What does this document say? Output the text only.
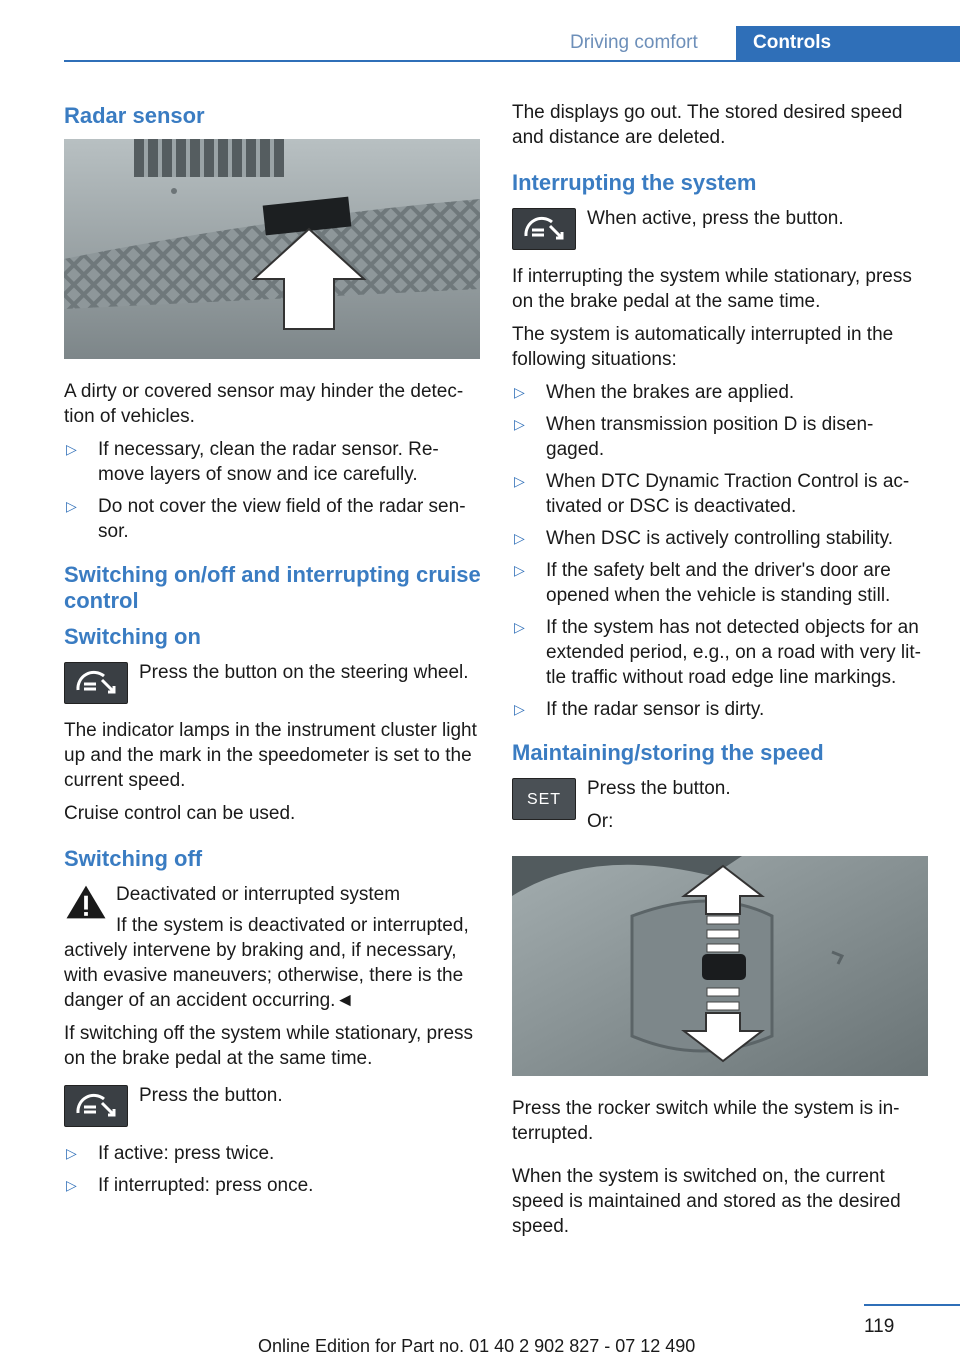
Driving comfort	Controls
Radar sensor

A dirty or covered sensor may hinder the detec-tion of vehicles.

▷ If necessary, clean the radar sensor. Re-move layers of snow and ice carefully.
▷ Do not cover the view field of the radar sen-sor.
Switching on/off and interrupting cruise control
Switching on
Press the button on the steering wheel.

The indicator lamps in the instrument cluster light up and the mark in the speedometer is set to the current speed.

Cruise control can be used.

Switching off
Deactivated or interrupted system
If the system is deactivated or interrupted, actively intervene by braking and, if necessary, with evasive maneuvers; otherwise, there is the danger of an accident occurring.◄

If switching off the system while stationary, press on the brake pedal at the same time.

Press the button.
▷ If active: press twice.
▷ If interrupted: press once.

The displays go out. The stored desired speed and distance are deleted.

Interrupting the system
When active, press the button.

If interrupting the system while stationary, press on the brake pedal at the same time.

The system is automatically interrupted in the following situations:

▷ When the brakes are applied.
▷ When transmission position D is disen-gaged.
▷ When DTC Dynamic Traction Control is ac-tivated or DSC is deactivated.
▷ When DSC is actively controlling stability.
▷ If the safety belt and the driver's door are opened when the vehicle is standing still.
▷ If the system has not detected objects for an extended period, e.g., on a road with very lit-tle traffic without road edge line markings.
▷ If the radar sensor is dirty.
Maintaining/storing the speed
SET Press the button.
Or:

Press the rocker switch while the system is in-terrupted.

When the system is switched on, the current speed is maintained and stored as the desired speed.

119
Online Edition for Part no. 01 40 2 902 827 - 07 12 490
